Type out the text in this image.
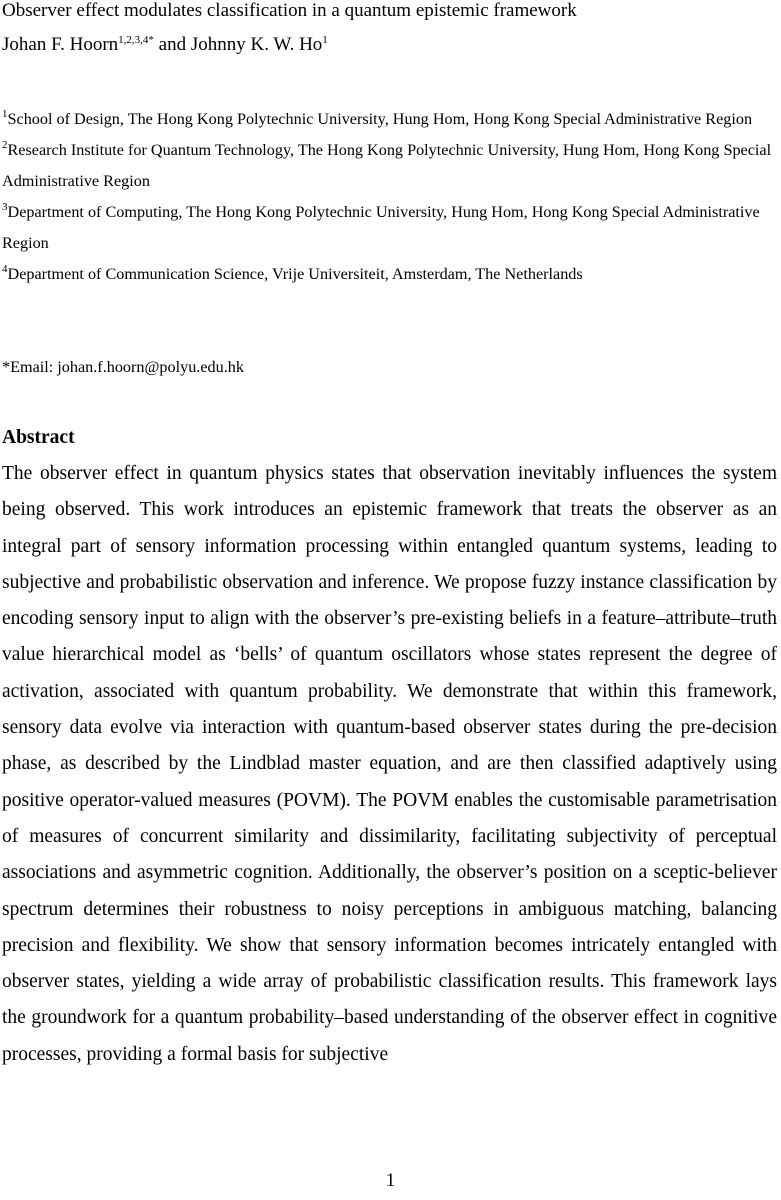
Observer effect modulates classification in a quantum epistemic framework
Johan F. Hoorn$^{1,2,3,4*}$ and Johnny K. W. Ho$^1$

$^1$School of Design, The Hong Kong Polytechnic University, Hung Hom, Hong Kong Special Administrative Region

$^2$Research Institute for Quantum Technology, The Hong Kong Polytechnic University, Hung Hom, Hong Kong Special Administrative Region

$^3$Department of Computing, The Hong Kong Polytechnic University, Hung Hom, Hong Kong Special Administrative Region

$^4$Department of Communication Science, Vrije Universiteit, Amsterdam, The Netherlands

*Email: johan.f.hoorn@polyu.edu.hk
Abstract

The observer effect in quantum physics states that observation inevitably influences the system being observed. This work introduces an epistemic framework that treats the observer as an integral part of sensory information processing within entangled quantum systems, leading to subjective and probabilistic observation and inference. We propose fuzzy instance classification by encoding sensory input to align with the observer’s pre-existing beliefs in a feature–attribute–truth value hierarchical model as ‘bells’ of quantum oscillators whose states represent the degree of activation, associated with quantum probability. We demonstrate that within this framework, sensory data evolve via interaction with quantum-based observer states during the pre-decision phase, as described by the Lindblad master equation, and are then classified adaptively using positive operator-valued measures (POVM). The POVM enables the customisable parametrisation of measures of concurrent similarity and dissimilarity, facilitating subjectivity of perceptual associations and asymmetric cognition. Additionally, the observer’s position on a sceptic-believer spectrum determines their robustness to noisy perceptions in ambiguous matching, balancing precision and flexibility. We show that sensory information becomes intricately entangled with observer states, yielding a wide array of probabilistic classification results. This framework lays the groundwork for a quantum probability–based understanding of the observer effect in cognitive processes, providing a formal basis for subjective

1
